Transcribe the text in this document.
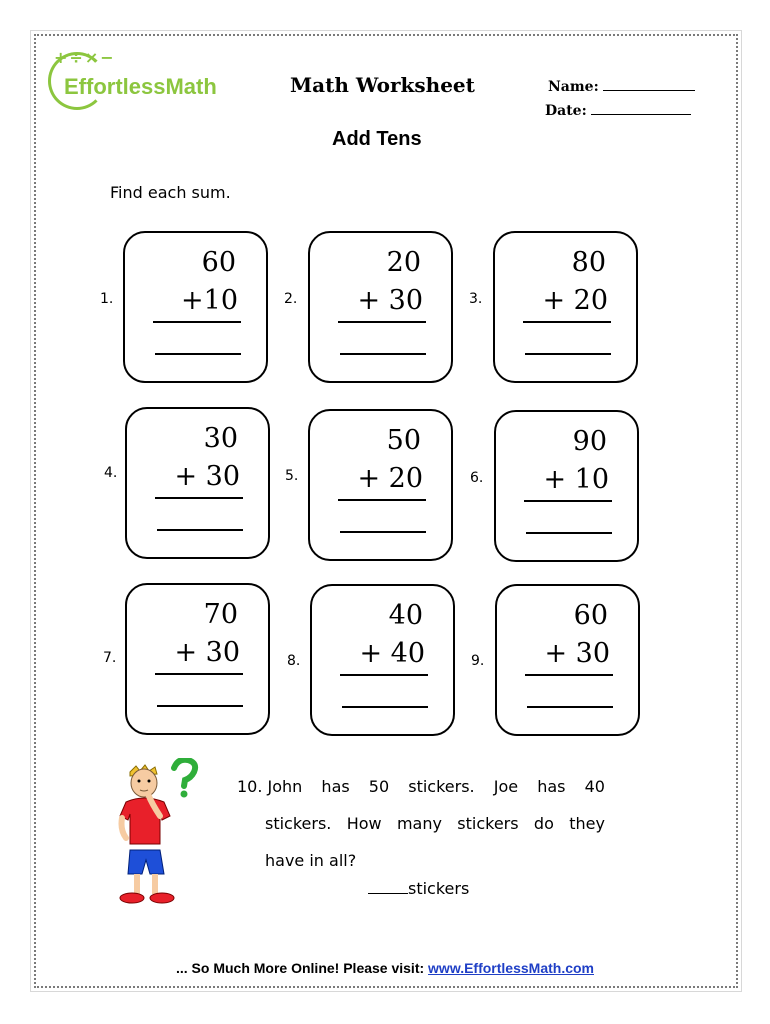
+÷×−
EffortlessMath	Math Worksheet	Name:
Date:
Add Tens
Find each sum.
1.
60
+10	2.
20
+ 30	3.
80
+ 20
4.
30
+ 30	5.
50
+ 20	6.
90
+ 10
7.
70
+ 30	8.
40
+ 40	9.
60
+ 30
10. John has 50 stickers. Joe has 40
stickers. How many stickers do they
have in all?
stickers
... So Much More Online! Please visit: www.EffortlessMath.com
